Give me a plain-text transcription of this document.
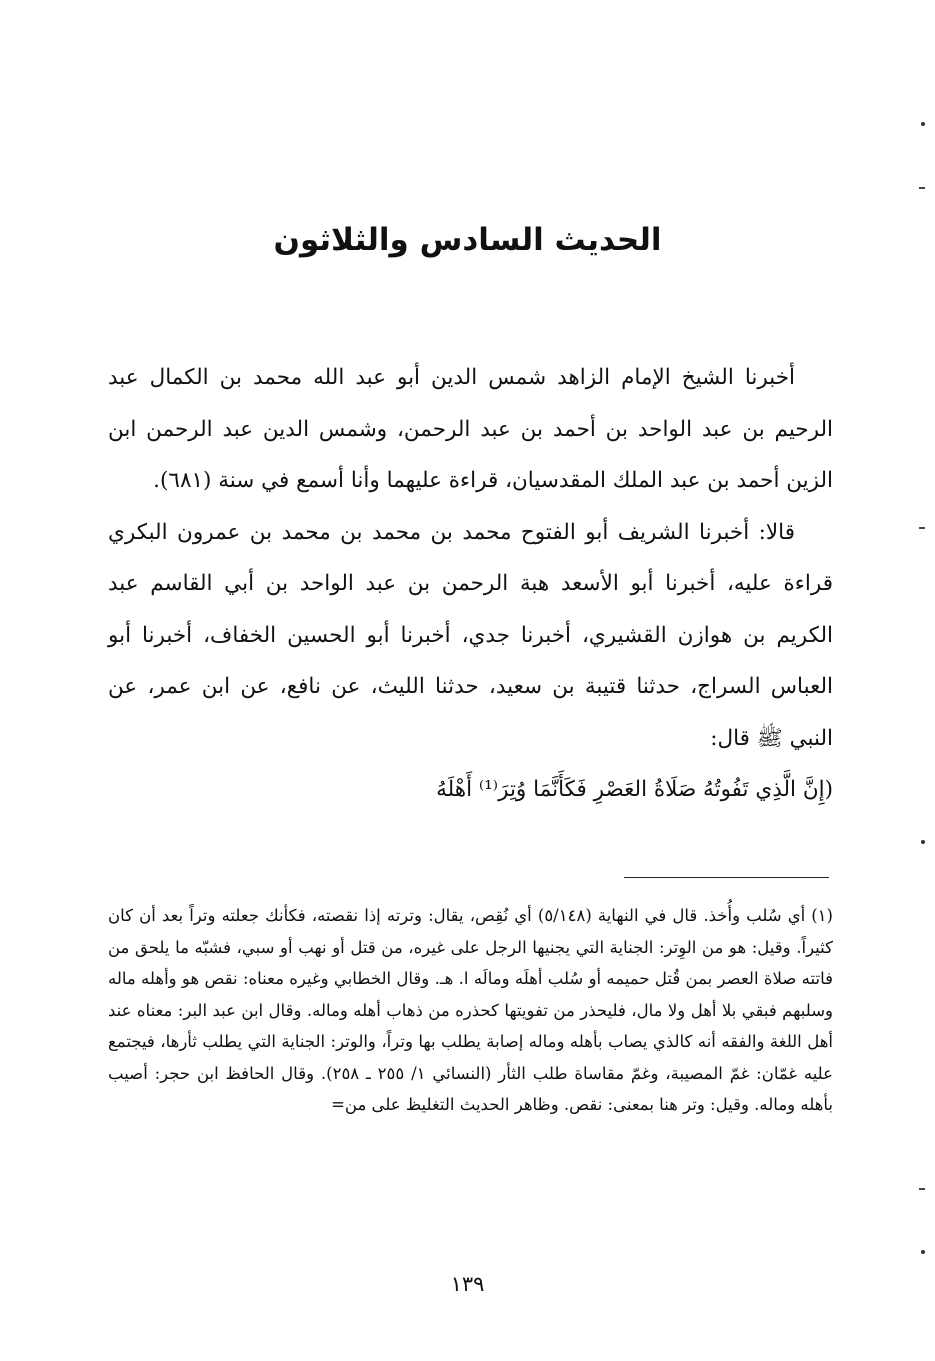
الحديث السادس والثلاثون

أخبرنا الشيخ الإمام الزاهد شمس الدين أبو عبد الله محمد بن الكمال عبد الرحيم بن عبد الواحد بن أحمد بن عبد الرحمن، وشمس الدين عبد الرحمن ابن الزين أحمد بن عبد الملك المقدسيان، قراءة عليهما وأنا أسمع في سنة (٦٨١).

قالا: أخبرنا الشريف أبو الفتوح محمد بن محمد بن محمد بن عمرون البكري قراءة عليه، أخبرنا أبو الأسعد هبة الرحمن بن عبد الواحد بن أبي القاسم عبد الكريم بن هوازن القشيري، أخبرنا جدي، أخبرنا أبو الحسين الخفاف، أخبرنا أبو العباس السراج، حدثنا قتيبة بن سعيد، حدثنا الليث، عن نافع، عن ابن عمر، عن النبي ﷺ قال:

(إِنَّ الَّذِي تَفُوتُهُ صَلَاةُ العَصْرِ فَكَأَنَّمَا وُتِرَ⁽¹⁾ أَهْلَهُ

(١)أي سُلب وأُخذ. قال في النهاية (٥/١٤٨) أي نُقِص، يقال: وترته إذا نقصته، فكأنك جعلته وتراً بعد أن كان كثيراً. وقيل: هو من الوِتر: الجناية التي يجنيها الرجل على غيره، من قتل أو نهب أو سبي، فشبّه ما يلحق من فاتته صلاة العصر بمن قُتل حميمه أو سُلب أهلَه ومالَه ا. هـ. وقال الخطابي وغيره معناه: نقص هو وأهله ماله وسلبهم فبقي بلا أهل ولا مال، فليحذر من تفويتها كحذره من ذهاب أهله وماله. وقال ابن عبد البر: معناه عند أهل اللغة والفقه أنه كالذي يصاب بأهله وماله إصابة يطلب بها وتراً، والوتر: الجناية التي يطلب ثأرها، فيجتمع عليه غمّان: غمّ المصيبة، وغمّ مقاساة طلب الثأر (النسائي ١/ ٢٥٥ ـ ٢٥٨). وقال الحافظ ابن حجر: أصيب بأهله وماله. وقيل: وتر هنا بمعنى: نقص. وظاهر الحديث التغليظ على من=

١٣٩
